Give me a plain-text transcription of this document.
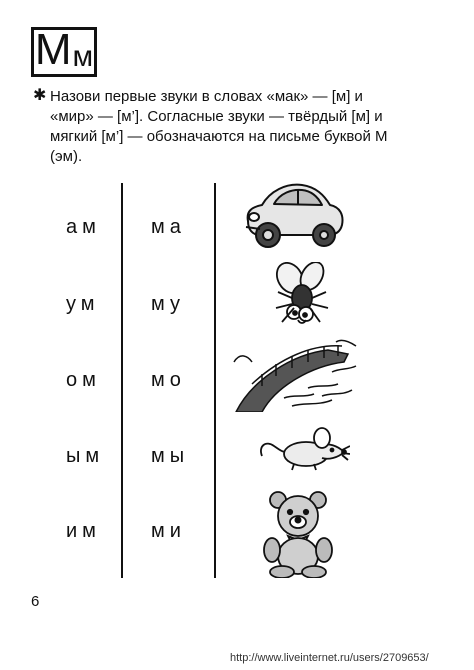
М м
✱ Назови первые звуки в словах «мак» — [м] и «мир» — [м’]. Согласные звуки — твёрдый [м] и мягкий [м’] — обозначаются на письме буквой М (эм).

ам	ма
ум	му
ом	мо
ым мы
им	ми
6
http://www.liveinternet.ru/users/2709653/
